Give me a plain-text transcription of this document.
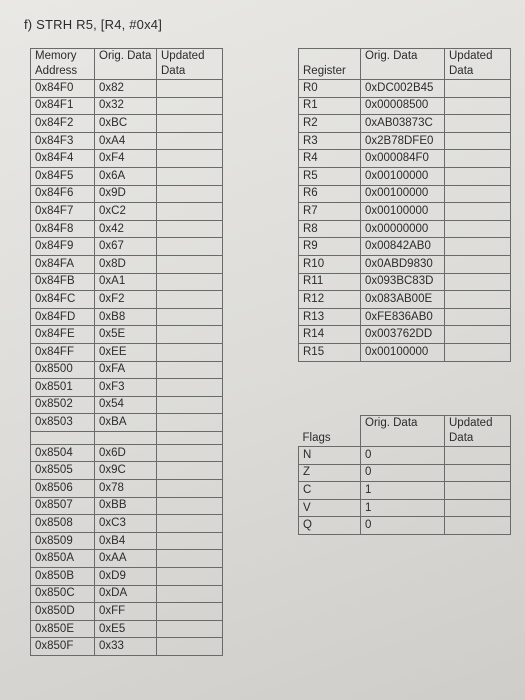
f) STRH R5, [R4, #0x4]
Memory Address	Orig. Data	Updated Data
0x84F0	0x82	
0x84F1	0x32	
0x84F2	0xBC	
0x84F3	0xA4	
0x84F4	0xF4	
0x84F5	0x6A	
0x84F6	0x9D	
0x84F7	0xC2	
0x84F8	0x42	
0x84F9	0x67	
0x84FA	0x8D	
0x84FB	0xA1	
0x84FC	0xF2	
0x84FD	0xB8	
0x84FE	0x5E	
0x84FF	0xEE	
0x8500	0xFA	
0x8501	0xF3	
0x8502	0x54	
0x8503	0xBA	

0x8504	0x6D	
0x8505	0x9C	
0x8506	0x78	
0x8507	0xBB	
0x8508	0xC3	
0x8509	0xB4	
0x850A	0xAA	
0x850B	0xD9	
0x850C	0xDA	
0x850D	0xFF	
0x850E	0xE5	
0x850F	0x33	
Register	Orig. Data	Updated Data
R0	0xDC002B45	
R1	0x00008500	
R2	0xAB03873C	
R3	0x2B78DFE0	
R4	0x000084F0	
R5	0x00100000	
R6	0x00100000	
R7	0x00100000	
R8	0x00000000	
R9	0x00842AB0	
R10	0x0ABD9830	
R11	0x093BC83D	
R12	0x083AB00E	
R13	0xFE836AB0	
R14	0x003762DD	
R15	0x00100000	
Flags	Orig. Data	Updated Data
N	0	
Z	0	
C	1	
V	1	
Q	0	
